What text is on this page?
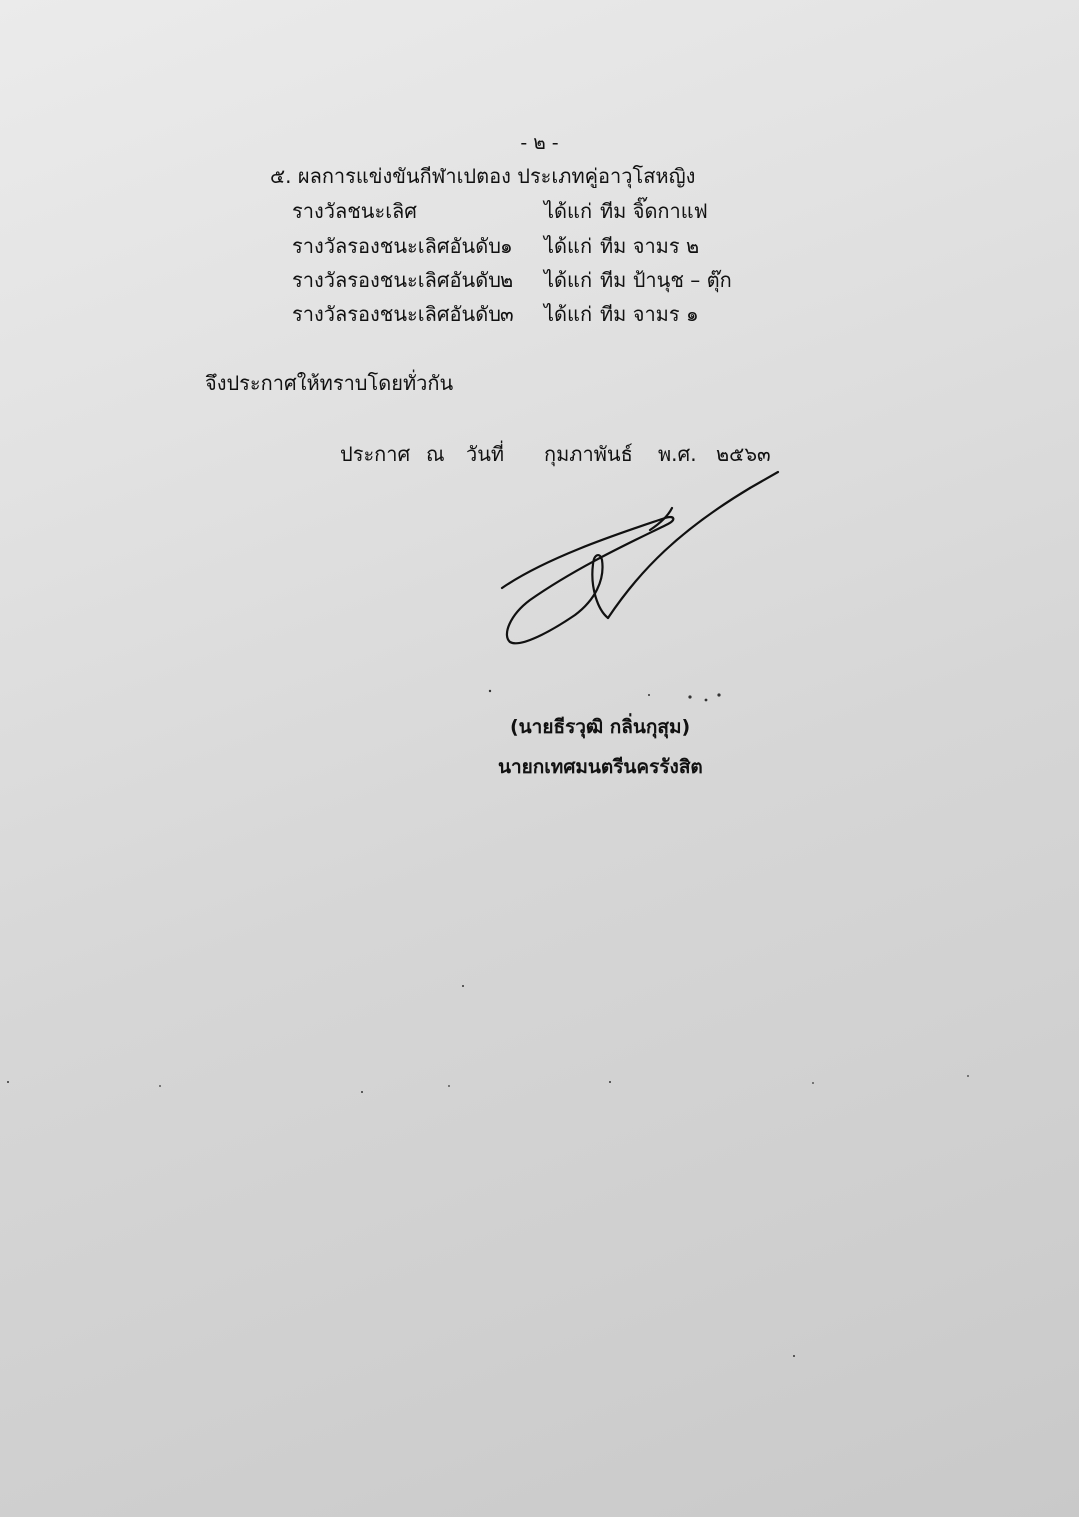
- ๒ -
๕. ผลการแข่งขันกีฬาเปตอง ประเภทคู่อาวุโสหญิง
รางวัลชนะเลิศ	ได้แก่ ทีม จิ๊ดกาแฟ
รางวัลรองชนะเลิศอันดับ ๑ ได้แก่ ทีม จามร ๒
รางวัลรองชนะเลิศอันดับ ๒ ได้แก่ ทีม ป้านุช – ตุ๊ก
รางวัลรองชนะเลิศอันดับ ๓ ได้แก่ ทีม จามร ๑
จึงประกาศให้ทราบโดยทั่วกัน
ประกาศ ณ วันที่ กุมภาพันธ์ พ.ศ. ๒๕๖๓
(นายธีรวุฒิ กลิ่นกุสุม)
นายกเทศมนตรีนครรังสิต
